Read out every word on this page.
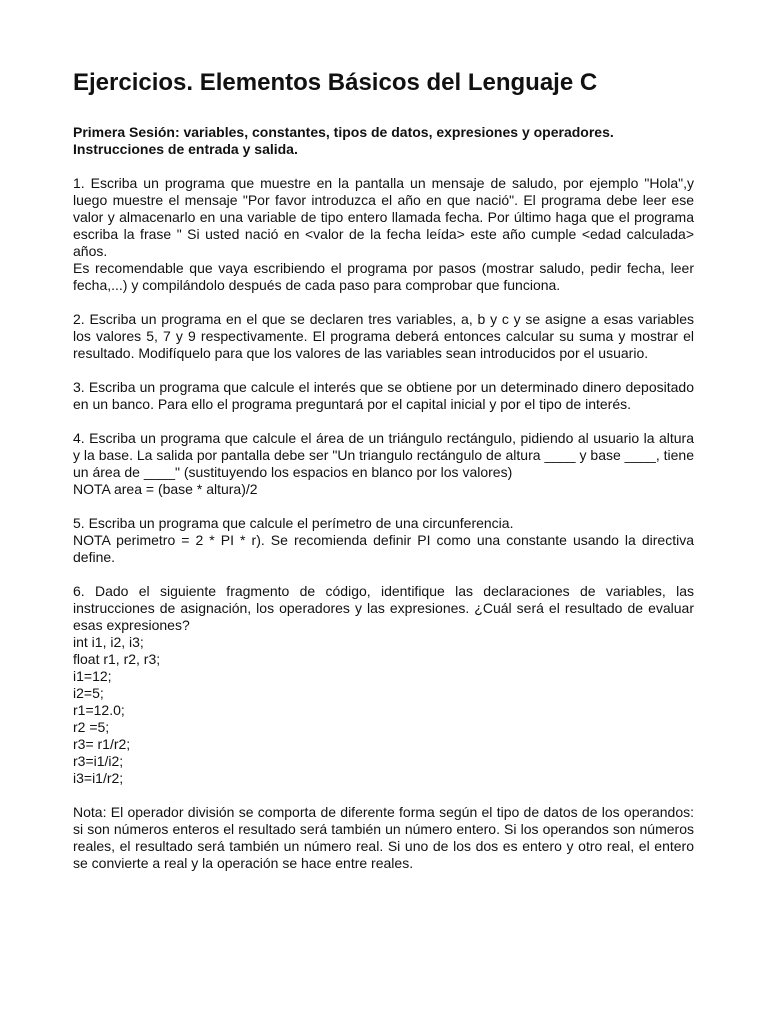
Ejercicios. Elementos Básicos del Lenguaje C
Primera Sesión: variables, constantes, tipos de datos, expresiones y operadores.
Instrucciones de entrada y salida.

1. Escriba un programa que muestre en la pantalla un mensaje de saludo, por ejemplo "Hola",y luego muestre el mensaje "Por favor introduzca el año en que nació". El programa debe leer ese valor y almacenarlo en una variable de tipo entero llamada fecha. Por último haga que el programa escriba la frase " Si usted nació en <valor de la fecha leída> este año cumple <edad calculada> años.

Es recomendable que vaya escribiendo el programa por pasos (mostrar saludo, pedir fecha, leer fecha,...) y compilándolo después de cada paso para comprobar que funciona.

2. Escriba un programa en el que se declaren tres variables, a, b y c y se asigne a esas variables los valores 5, 7 y 9 respectivamente. El programa deberá entonces calcular su suma y mostrar el resultado. Modifíquelo para que los valores de las variables sean introducidos por el usuario.

3. Escriba un programa que calcule el interés que se obtiene por un determinado dinero depositado en un banco. Para ello el programa preguntará por el capital inicial y por el tipo de interés.

4. Escriba un programa que calcule el área de un triángulo rectángulo, pidiendo al usuario la altura y la base. La salida por pantalla debe ser "Un triangulo rectángulo de altura ____ y base ____, tiene un área de ____" (sustituyendo los espacios en blanco por los valores)

NOTA area = (base * altura)/2

5. Escriba un programa que calcule el perímetro de una circunferencia.

NOTA perimetro = 2 * PI * r). Se recomienda definir PI como una constante usando la directiva define.

6. Dado el siguiente fragmento de código, identifique las declaraciones de variables, las instrucciones de asignación, los operadores y las expresiones. ¿Cuál será el resultado de evaluar esas expresiones?

int i1, i2, i3;
float r1, r2, r3;
i1=12;
i2=5;
r1=12.0;
r2 =5;
r3= r1/r2;
r3=i1/i2;
i3=i1/r2;

Nota: El operador división se comporta de diferente forma según el tipo de datos de los operandos: si son números enteros el resultado será también un número entero. Si los operandos son números reales, el resultado será también un número real. Si uno de los dos es entero y otro real, el entero se convierte a real y la operación se hace entre reales.
